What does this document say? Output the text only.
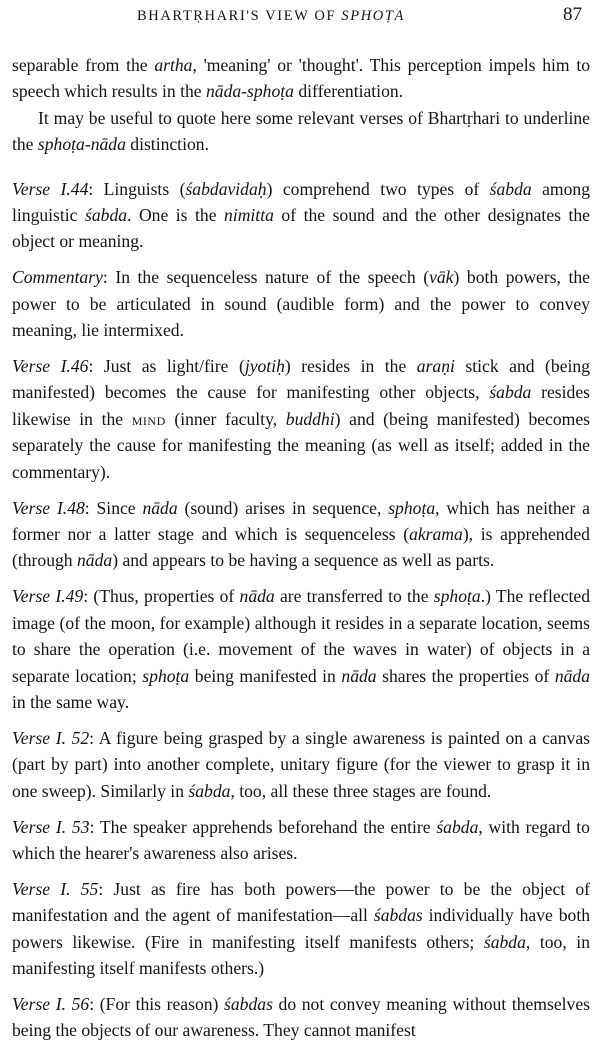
BHARTṚHARI'S VIEW OF SPHOṬA	87

separable from the artha, 'meaning' or 'thought'. This perception impels him to speech which results in the nāda-sphoṭa differentiation.

It may be useful to quote here some relevant verses of Bhartṛhari to underline the sphoṭa-nāda distinction.

Verse I.44: Linguists (śabdavidaḥ) comprehend two types of śabda among linguistic śabda. One is the nimitta of the sound and the other designates the object or meaning.

Commentary: In the sequenceless nature of the speech (vāk) both powers, the power to be articulated in sound (audible form) and the power to convey meaning, lie intermixed.

Verse I.46: Just as light/fire (jyotiḥ) resides in the araṇi stick and (being manifested) becomes the cause for manifesting other objects, śabda resides likewise in the mind (inner faculty, buddhi) and (being manifested) becomes separately the cause for manifesting the meaning (as well as itself; added in the commentary).

Verse I.48: Since nāda (sound) arises in sequence, sphoṭa, which has neither a former nor a latter stage and which is sequenceless (akrama), is apprehended (through nāda) and appears to be having a sequence as well as parts.

Verse I.49: (Thus, properties of nāda are transferred to the sphoṭa.) The reflected image (of the moon, for example) although it resides in a separate location, seems to share the operation (i.e. movement of the waves in water) of objects in a separate location; sphoṭa being manifested in nāda shares the properties of nāda in the same way.

Verse I. 52: A figure being grasped by a single awareness is painted on a canvas (part by part) into another complete, unitary figure (for the viewer to grasp it in one sweep). Similarly in śabda, too, all these three stages are found.

Verse I. 53: The speaker apprehends beforehand the entire śabda, with regard to which the hearer's awareness also arises.

Verse I. 55: Just as fire has both powers—the power to be the object of manifestation and the agent of manifestation—all śabdas individually have both powers likewise. (Fire in manifesting itself manifests others; śabda, too, in manifesting itself manifests others.)

Verse I. 56: (For this reason) śabdas do not convey meaning without themselves being the objects of our awareness. They cannot manifest
